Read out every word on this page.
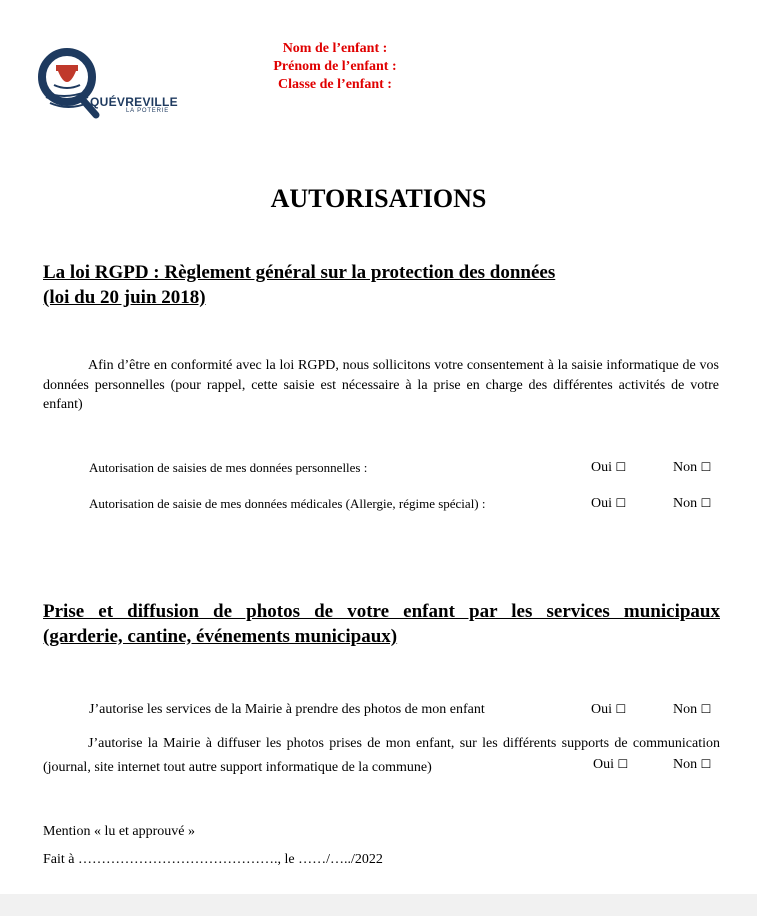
QUÉVREVILLE
LA POTERIE
Nom de l’enfant :
Prénom de l’enfant :
Classe de l’enfant :
AUTORISATIONS
La loi RGPD : Règlement général sur la protection des données
(loi du 20 juin 2018)
Afin d’être en conformité avec la loi RGPD, nous sollicitons votre consentement à la saisie informatique de vos données personnelles (pour rappel, cette saisie est nécessaire à la prise en charge des différentes activités de votre enfant)
Autorisation de saisies de mes données personnelles :	Oui ☐	Non ☐
Autorisation de saisie de mes données médicales (Allergie, régime spécial) :	Oui ☐	Non ☐
Prise et diffusion de photos de votre enfant par les services municipaux
(garderie, cantine, événements municipaux)
J’autorise les services de la Mairie à prendre des photos de mon enfant	Oui ☐	Non ☐
J’autorise la Mairie à diffuser les photos prises de mon enfant, sur les différents supports de communication (journal, site internet tout autre support informatique de la commune)	Oui ☐	Non ☐
Mention « lu et approuvé »
Fait à ……………………………………., le ……/…../2022
